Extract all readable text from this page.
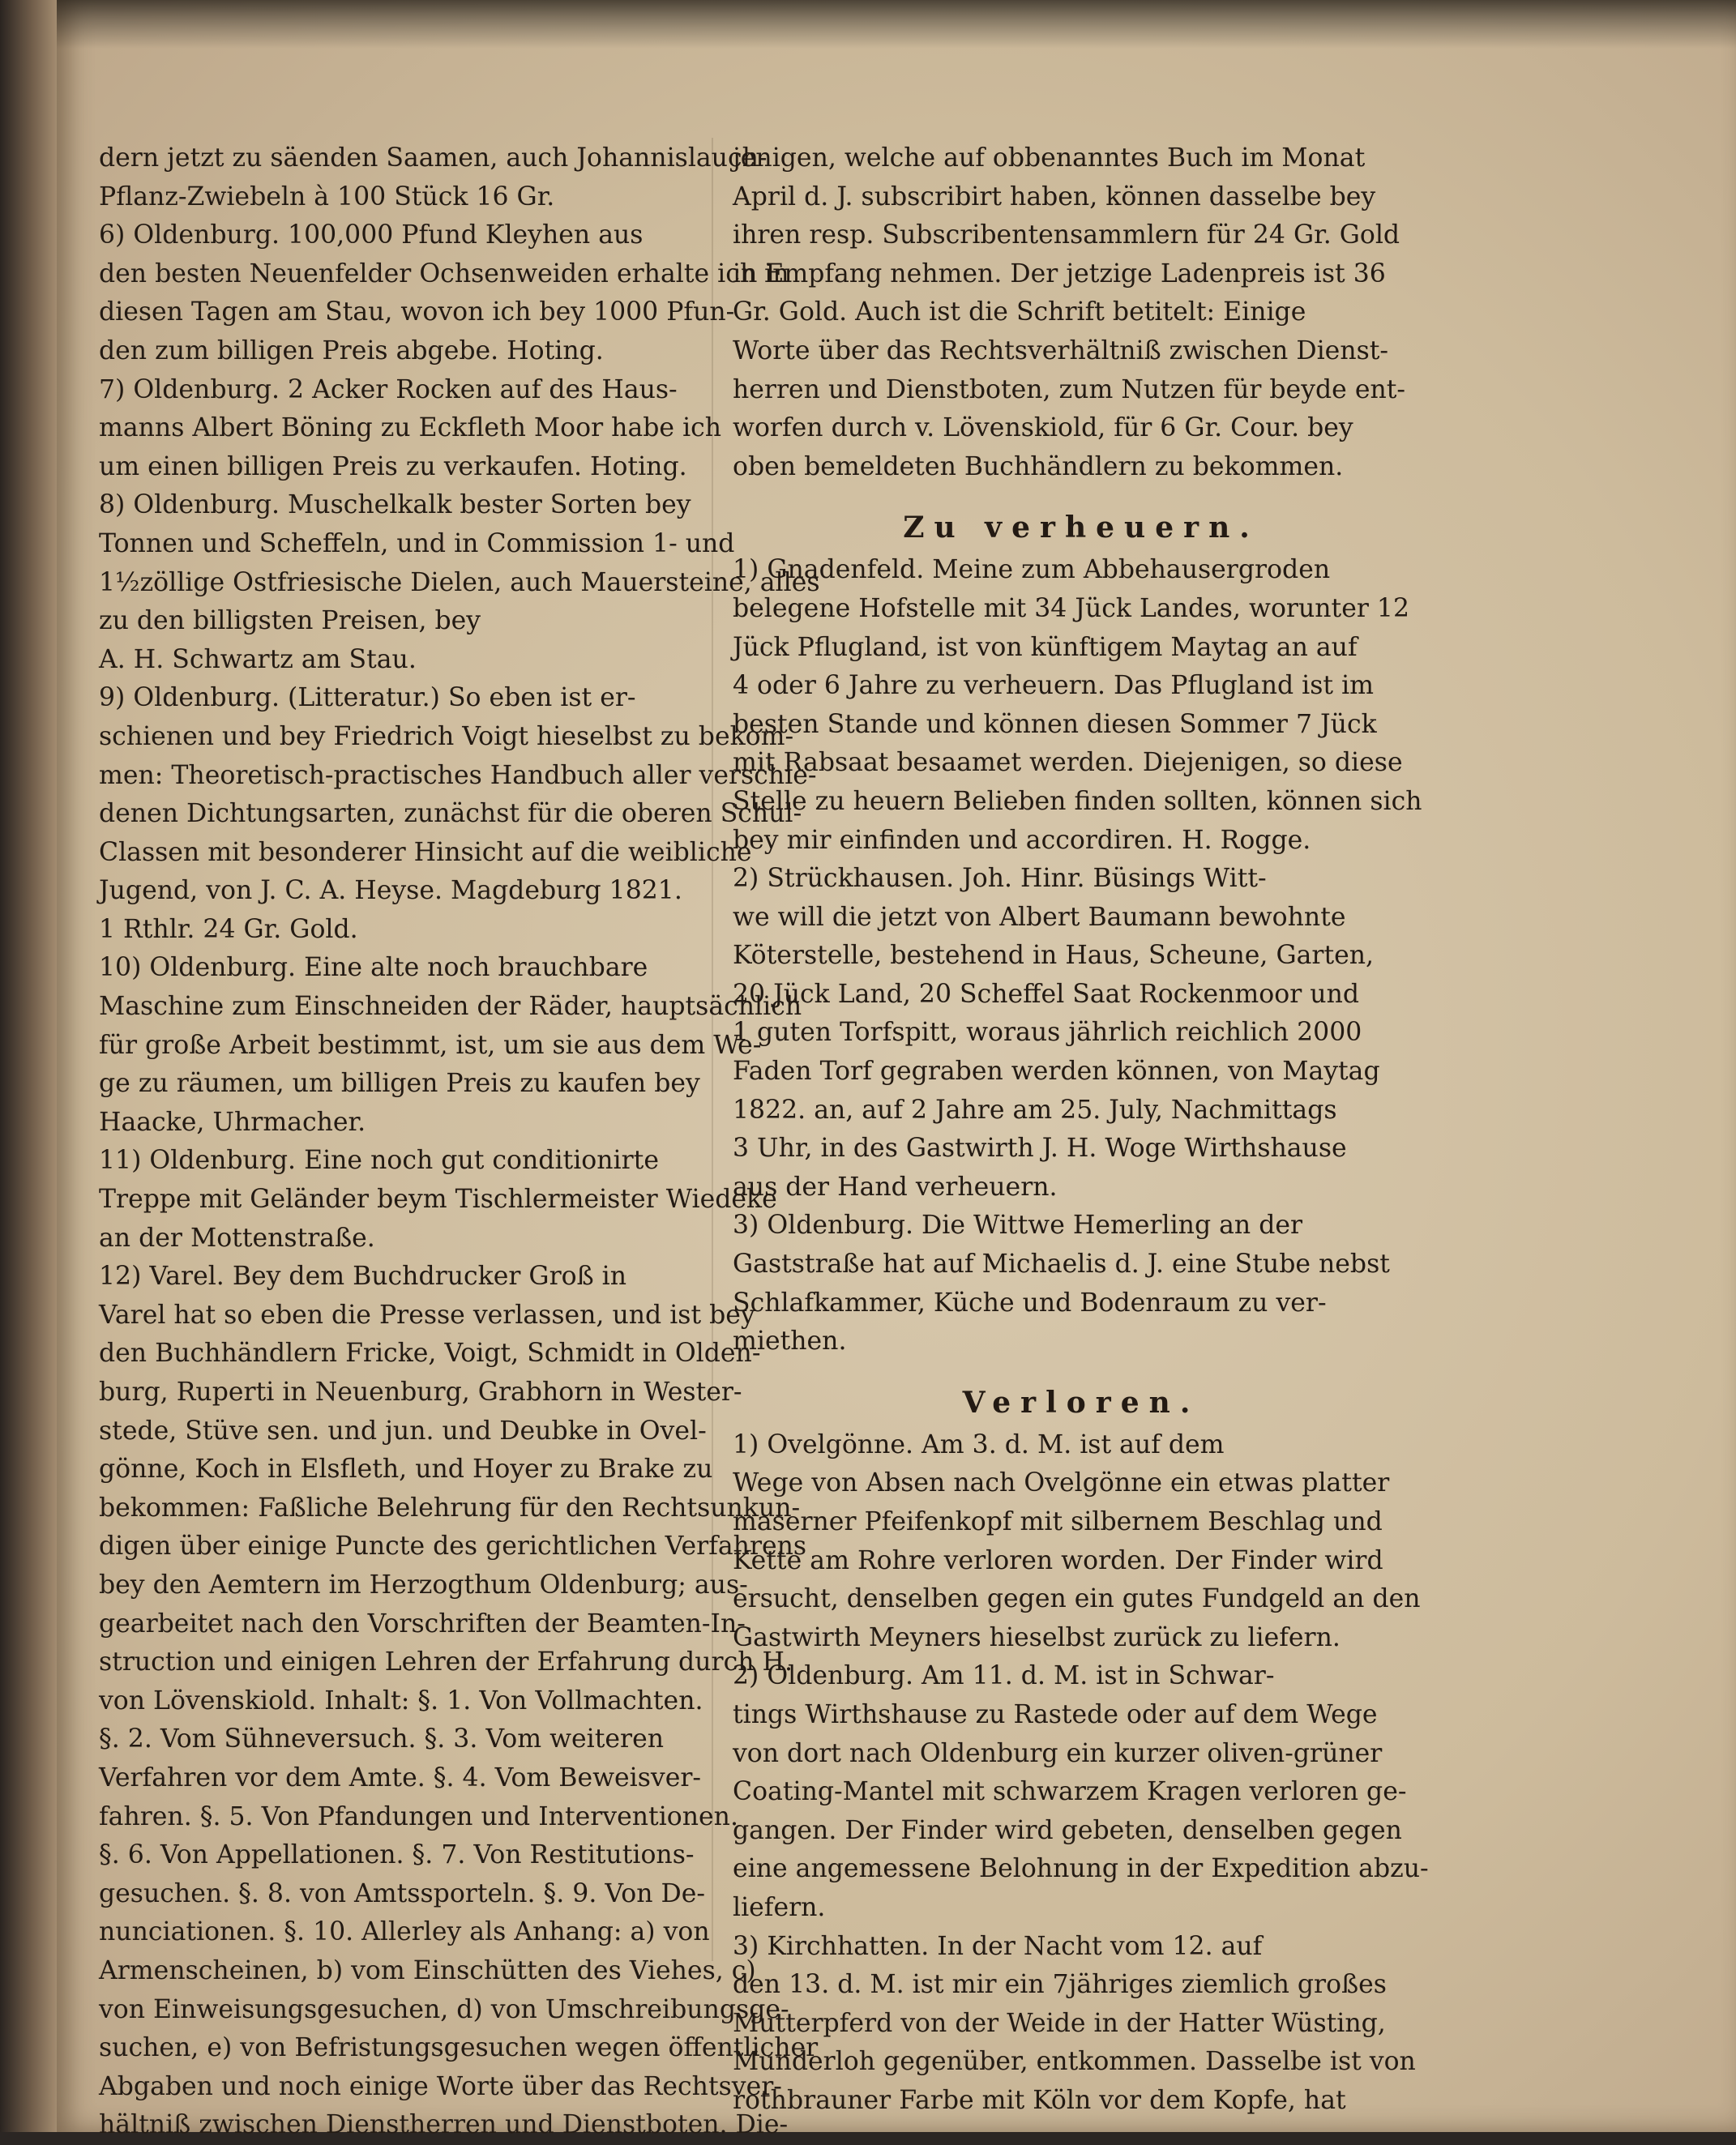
dern jetzt zu säenden Saamen, auch Johannislauch-
Pflanz-Zwiebeln à 100 Stück 16 Gr.
6) Oldenburg. 100,000 Pfund Kleyhen aus
den besten Neuenfelder Ochsenweiden erhalte ich in
diesen Tagen am Stau, wovon ich bey 1000 Pfun-
den zum billigen Preis abgebe. Hoting.
7) Oldenburg. 2 Acker Rocken auf des Haus-
manns Albert Böning zu Eckfleth Moor habe ich
um einen billigen Preis zu verkaufen. Hoting.
8) Oldenburg. Muschelkalk bester Sorten bey
Tonnen und Scheffeln, und in Commission 1- und
1½zöllige Ostfriesische Dielen, auch Mauersteine, alles
zu den billigsten Preisen, bey
A. H. Schwartz am Stau.
9) Oldenburg. (Litteratur.) So eben ist er-
schienen und bey Friedrich Voigt hieselbst zu bekom-
men: Theoretisch-practisches Handbuch aller verschie-
denen Dichtungsarten, zunächst für die oberen Schul-
Classen mit besonderer Hinsicht auf die weibliche
Jugend, von J. C. A. Heyse. Magdeburg 1821.
1 Rthlr. 24 Gr. Gold.
10) Oldenburg. Eine alte noch brauchbare
Maschine zum Einschneiden der Räder, hauptsächlich
für große Arbeit bestimmt, ist, um sie aus dem We-
ge zu räumen, um billigen Preis zu kaufen bey
Haacke, Uhrmacher.
11) Oldenburg. Eine noch gut conditionirte
Treppe mit Geländer beym Tischlermeister Wiedeke
an der Mottenstraße.
12) Varel. Bey dem Buchdrucker Groß in
Varel hat so eben die Presse verlassen, und ist bey
den Buchhändlern Fricke, Voigt, Schmidt in Olden-
burg, Ruperti in Neuenburg, Grabhorn in Wester-
stede, Stüve sen. und jun. und Deubke in Ovel-
gönne, Koch in Elsfleth, und Hoyer zu Brake zu
bekommen: Faßliche Belehrung für den Rechtsunkun-
digen über einige Puncte des gerichtlichen Verfahrens
bey den Aemtern im Herzogthum Oldenburg; aus-
gearbeitet nach den Vorschriften der Beamten-In-
struction und einigen Lehren der Erfahrung durch H.
von Lövenskiold. Inhalt: §. 1. Von Vollmachten.
§. 2. Vom Sühneversuch. §. 3. Vom weiteren
Verfahren vor dem Amte. §. 4. Vom Beweisver-
fahren. §. 5. Von Pfandungen und Interventionen.
§. 6. Von Appellationen. §. 7. Von Restitutions-
gesuchen. §. 8. von Amtssporteln. §. 9. Von De-
nunciationen. §. 10. Allerley als Anhang: a) von
Armenscheinen, b) vom Einschütten des Viehes, c)
von Einweisungsgesuchen, d) von Umschreibungsge-
suchen, e) von Befristungsgesuchen wegen öffentlicher
Abgaben und noch einige Worte über das Rechtsver-
hältniß zwischen Dienstherren und Dienstboten. Die-
jenigen, welche auf obbenanntes Buch im Monat
April d. J. subscribirt haben, können dasselbe bey
ihren resp. Subscribentensammlern für 24 Gr. Gold
in Empfang nehmen. Der jetzige Ladenpreis ist 36
Gr. Gold. Auch ist die Schrift betitelt: Einige
Worte über das Rechtsverhältniß zwischen Dienst-
herren und Dienstboten, zum Nutzen für beyde ent-
worfen durch v. Lövenskiold, für 6 Gr. Cour. bey
oben bemeldeten Buchhändlern zu bekommen.
Zu verheuern.
1) Gnadenfeld. Meine zum Abbehausergroden
belegene Hofstelle mit 34 Jück Landes, worunter 12
Jück Pflugland, ist von künftigem Maytag an auf
4 oder 6 Jahre zu verheuern. Das Pflugland ist im
besten Stande und können diesen Sommer 7 Jück
mit Rabsaat besaamet werden. Diejenigen, so diese
Stelle zu heuern Belieben finden sollten, können sich
bey mir einfinden und accordiren. H. Rogge.
2) Strückhausen. Joh. Hinr. Büsings Witt-
we will die jetzt von Albert Baumann bewohnte
Köterstelle, bestehend in Haus, Scheune, Garten,
20 Jück Land, 20 Scheffel Saat Rockenmoor und
1 guten Torfspitt, woraus jährlich reichlich 2000
Faden Torf gegraben werden können, von Maytag
1822. an, auf 2 Jahre am 25. July, Nachmittags
3 Uhr, in des Gastwirth J. H. Woge Wirthshause
aus der Hand verheuern.
3) Oldenburg. Die Wittwe Hemerling an der
Gaststraße hat auf Michaelis d. J. eine Stube nebst
Schlafkammer, Küche und Bodenraum zu ver-
miethen.
Verloren.
1) Ovelgönne. Am 3. d. M. ist auf dem
Wege von Absen nach Ovelgönne ein etwas platter
maserner Pfeifenkopf mit silbernem Beschlag und
Kette am Rohre verloren worden. Der Finder wird
ersucht, denselben gegen ein gutes Fundgeld an den
Gastwirth Meyners hieselbst zurück zu liefern.
2) Oldenburg. Am 11. d. M. ist in Schwar-
tings Wirthshause zu Rastede oder auf dem Wege
von dort nach Oldenburg ein kurzer oliven-grüner
Coating-Mantel mit schwarzem Kragen verloren ge-
gangen. Der Finder wird gebeten, denselben gegen
eine angemessene Belohnung in der Expedition abzu-
liefern.
3) Kirchhatten. In der Nacht vom 12. auf
den 13. d. M. ist mir ein 7jähriges ziemlich großes
Mutterpferd von der Weide in der Hatter Wüsting,
Munderloh gegenüber, entkommen. Dasselbe ist von
rothbrauner Farbe mit Köln vor dem Kopfe, hat
